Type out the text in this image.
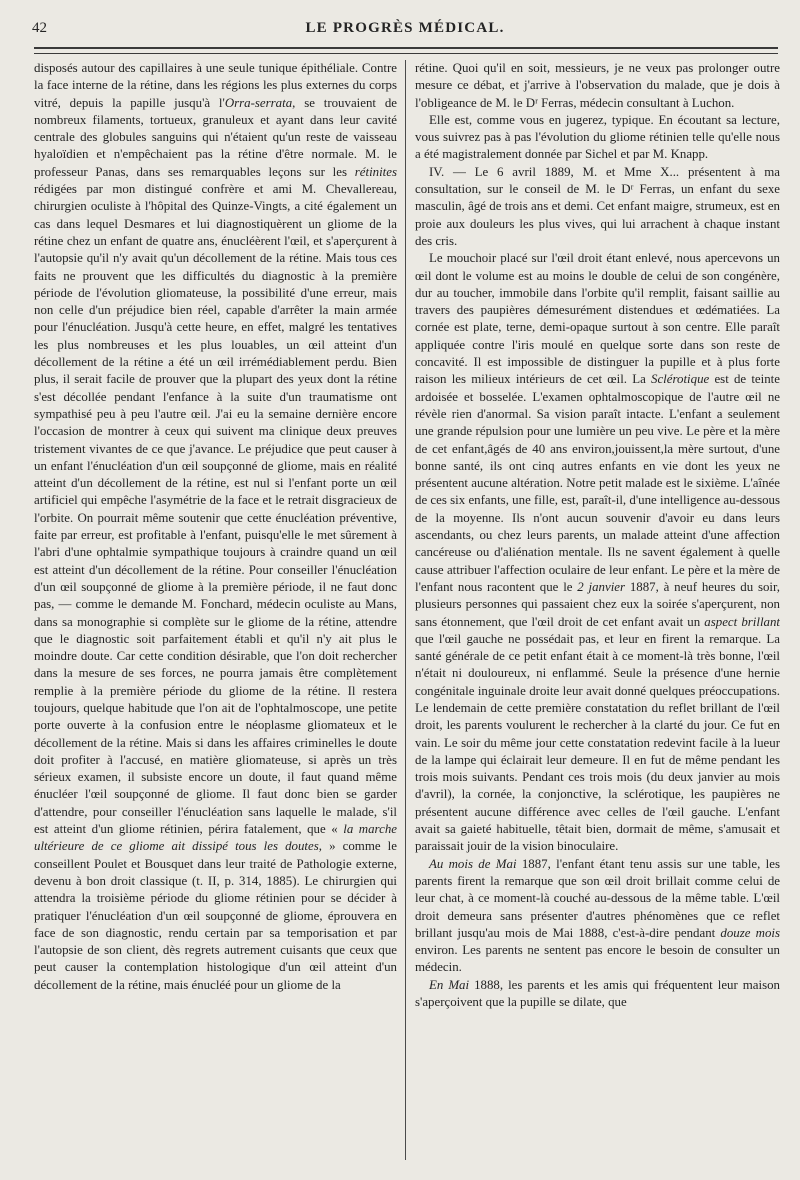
42	LE PROGRÈS MÉDICAL.

disposés autour des capillaires à une seule tunique épithéliale. Contre la face interne de la rétine, dans les régions les plus externes du corps vitré, depuis la papille jusqu'à l'Orra-serrata, se trouvaient de nombreux filaments, tortueux, granuleux et ayant dans leur cavité centrale des globules sanguins qui n'étaient qu'un reste de vaisseau hyaloïdien et n'empêchaient pas la rétine d'être normale. M. le professeur Panas, dans ses remarquables leçons sur les rétinites rédigées par mon distingué confrère et ami M. Chevallereau, chirurgien oculiste à l'hôpital des Quinze-Vingts, a cité également un cas dans lequel Desmares et lui diagnostiquèrent un gliome de la rétine chez un enfant de quatre ans, énucléèrent l'œil, et s'aperçurent à l'autopsie qu'il n'y avait qu'un décollement de la rétine. Mais tous ces faits ne prouvent que les difficultés du diagnostic à la première période de l'évolution gliomateuse, la possibilité d'une erreur, mais non celle d'un préjudice bien réel, capable d'arrêter la main armée pour l'énucléation. Jusqu'à cette heure, en effet, malgré les tentatives les plus nombreuses et les plus louables, un œil atteint d'un décollement de la rétine a été un œil irrémédiablement perdu. Bien plus, il serait facile de prouver que la plupart des yeux dont la rétine s'est décollée pendant l'enfance à la suite d'un traumatisme ont sympathisé peu à peu l'autre œil. J'ai eu la semaine dernière encore l'occasion de montrer à ceux qui suivent ma clinique deux preuves tristement vivantes de ce que j'avance. Le préjudice que peut causer à un enfant l'énucléation d'un œil soupçonné de gliome, mais en réalité atteint d'un décollement de la rétine, est nul si l'enfant porte un œil artificiel qui empêche l'asymétrie de la face et le retrait disgracieux de l'orbite. On pourrait même soutenir que cette énucléation préventive, faite par erreur, est profitable à l'enfant, puisqu'elle le met sûrement à l'abri d'une ophtalmie sympathique toujours à craindre quand un œil est atteint d'un décollement de la rétine. Pour conseiller l'énucléation d'un œil soupçonné de gliome à la première période, il ne faut donc pas, — comme le demande M. Fonchard, médecin oculiste au Mans, dans sa monographie si complète sur le gliome de la rétine, attendre que le diagnostic soit parfaitement établi et qu'il n'y ait plus le moindre doute. Car cette condition désirable, que l'on doit rechercher dans la mesure de ses forces, ne pourra jamais être complètement remplie à la première période du gliome de la rétine. Il restera toujours, quelque habitude que l'on ait de l'ophtalmoscope, une petite porte ouverte à la confusion entre le néoplasme gliomateux et le décollement de la rétine. Mais si dans les affaires criminelles le doute doit profiter à l'accusé, en matière gliomateuse, si après un très sérieux examen, il subsiste encore un doute, il faut quand même énucléer l'œil soupçonné de gliome. Il faut donc bien se garder d'attendre, pour conseiller l'énucléation sans laquelle le malade, s'il est atteint d'un gliome rétinien, périra fatalement, que « la marche ultérieure de ce gliome ait dissipé tous les doutes, » comme le conseillent Poulet et Bousquet dans leur traité de Pathologie externe, devenu à bon droit classique (t. II, p. 314, 1885). Le chirurgien qui attendra la troisième période du gliome rétinien pour se décider à pratiquer l'énucléation d'un œil soupçonné de gliome, éprouvera en face de son diagnostic, rendu certain par sa temporisation et par l'autopsie de son client, dès regrets autrement cuisants que ceux que peut causer la contemplation histologique d'un œil atteint d'un décollement de la rétine, mais énucléé pour un gliome de la

rétine. Quoi qu'il en soit, messieurs, je ne veux pas prolonger outre mesure ce débat, et j'arrive à l'observation du malade, que je dois à l'obligeance de M. le Dʳ Ferras, médecin consultant à Luchon.

Elle est, comme vous en jugerez, typique. En écoutant sa lecture, vous suivrez pas à pas l'évolution du gliome rétinien telle qu'elle nous a été magistralement donnée par Sichel et par M. Knapp.

IV. — Le 6 avril 1889, M. et Mme X... présentent à ma consultation, sur le conseil de M. le Dʳ Ferras, un enfant du sexe masculin, âgé de trois ans et demi. Cet enfant maigre, strumeux, est en proie aux douleurs les plus vives, qui lui arrachent à chaque instant des cris.

Le mouchoir placé sur l'œil droit étant enlevé, nous apercevons un œil dont le volume est au moins le double de celui de son congénère, dur au toucher, immobile dans l'orbite qu'il remplit, faisant saillie au travers des paupières démesurément distendues et œdématiées. La cornée est plate, terne, demi-opaque surtout à son centre. Elle paraît appliquée contre l'iris moulé en quelque sorte dans son reste de concavité. Il est impossible de distinguer la pupille et à plus forte raison les milieux intérieurs de cet œil. La Sclérotique est de teinte ardoisée et bosselée. L'examen ophtalmoscopique de l'autre œil ne révèle rien d'anormal. Sa vision paraît intacte. L'enfant a seulement une grande répulsion pour une lumière un peu vive. Le père et la mère de cet enfant,âgés de 40 ans environ,jouissent,la mère surtout, d'une bonne santé, ils ont cinq autres enfants en vie dont les yeux ne présentent aucune altération. Notre petit malade est le sixième. L'aînée de ces six enfants, une fille, est, paraît-il, d'une intelligence au-dessous de la moyenne. Ils n'ont aucun souvenir d'avoir eu dans leurs ascendants, ou chez leurs parents, un malade atteint d'une affection cancéreuse ou d'aliénation mentale. Ils ne savent également à quelle cause attribuer l'affection oculaire de leur enfant. Le père et la mère de l'enfant nous racontent que le 2 janvier 1887, à neuf heures du soir, plusieurs personnes qui passaient chez eux la soirée s'aperçurent, non sans étonnement, que l'œil droit de cet enfant avait un aspect brillant que l'œil gauche ne possédait pas, et leur en firent la remarque. La santé générale de ce petit enfant était à ce moment-là très bonne, l'œil n'était ni douloureux, ni enflammé. Seule la présence d'une hernie congénitale inguinale droite leur avait donné quelques préoccupations. Le lendemain de cette première constatation du reflet brillant de l'œil droit, les parents voulurent le rechercher à la clarté du jour. Ce fut en vain. Le soir du même jour cette constatation redevint facile à la lueur de la lampe qui éclairait leur demeure. Il en fut de même pendant les trois mois suivants. Pendant ces trois mois (du deux janvier au mois d'avril), la cornée, la conjonctive, la sclérotique, les paupières ne présentent aucune différence avec celles de l'œil gauche. L'enfant avait sa gaieté habituelle, têtait bien, dormait de même, s'amusait et paraissait jouir de la vision binoculaire.

Au mois de Mai 1887, l'enfant étant tenu assis sur une table, les parents firent la remarque que son œil droit brillait comme celui de leur chat, à ce moment-là couché au-dessous de la même table. L'œil droit demeura sans présenter d'autres phénomènes que ce reflet brillant jusqu'au mois de Mai 1888, c'est-à-dire pendant douze mois environ. Les parents ne sentent pas encore le besoin de consulter un médecin.

En Mai 1888, les parents et les amis qui fréquentent leur maison s'aperçoivent que la pupille se dilate, que
